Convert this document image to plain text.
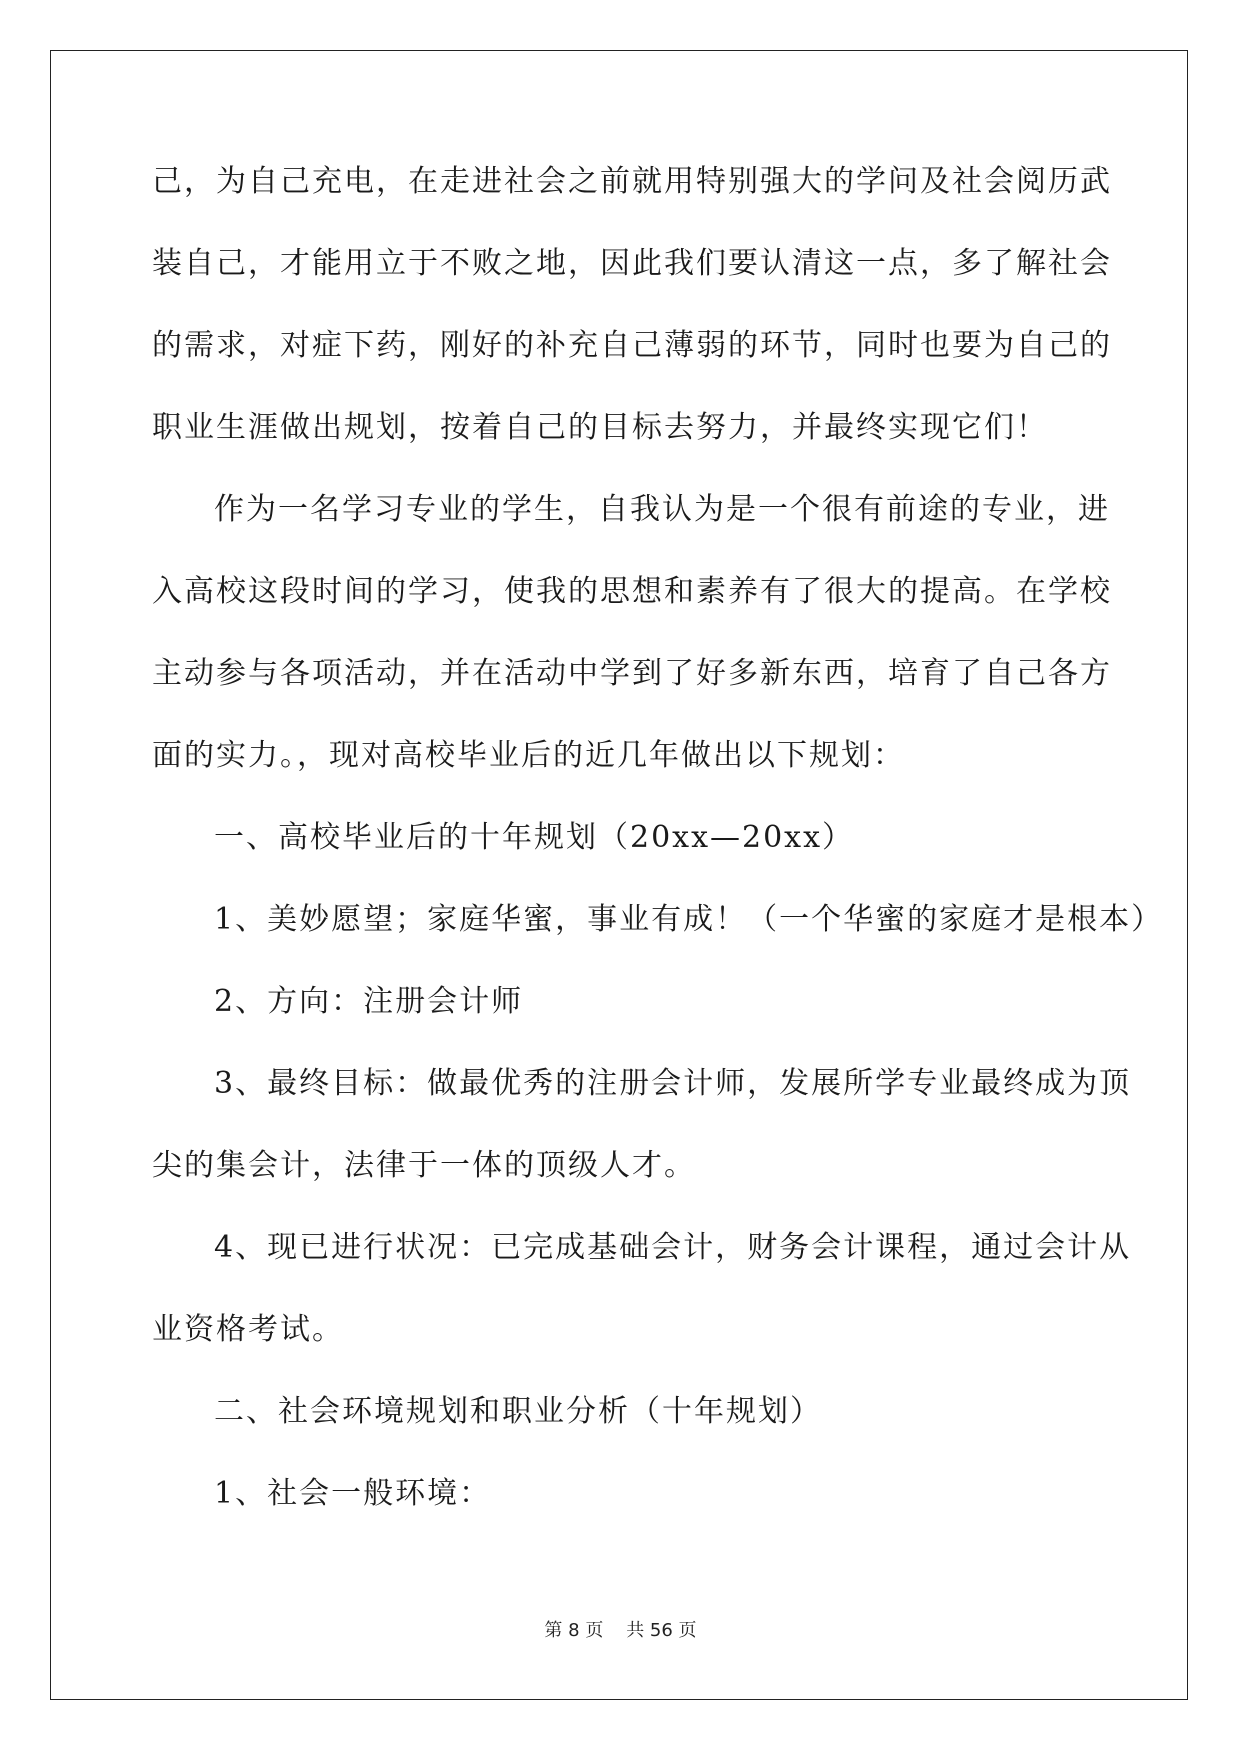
己，为自己充电，在走进社会之前就用特别强大的学问及社会阅历武
装自己，才能用立于不败之地，因此我们要认清这一点，多了解社会
的需求，对症下药，刚好的补充自己薄弱的环节，同时也要为自己的
职业生涯做出规划，按着自己的目标去努力，并最终实现它们！
作为一名学习专业的学生，自我认为是一个很有前途的专业，进
入高校这段时间的学习，使我的思想和素养有了很大的提高。在学校
主动参与各项活动，并在活动中学到了好多新东西，培育了自己各方
面的实力。，现对高校毕业后的近几年做出以下规划：
一、高校毕业后的十年规划（20xx—20xx）
1、美妙愿望；家庭华蜜，事业有成！（一个华蜜的家庭才是根本）
2、方向：注册会计师
3、最终目标：做最优秀的注册会计师，发展所学专业最终成为顶
尖的集会计，法律于一体的顶级人才。
4、现已进行状况：已完成基础会计，财务会计课程，通过会计从
业资格考试。
二、社会环境规划和职业分析（十年规划）
1、社会一般环境：
第 8 页    共 56 页
